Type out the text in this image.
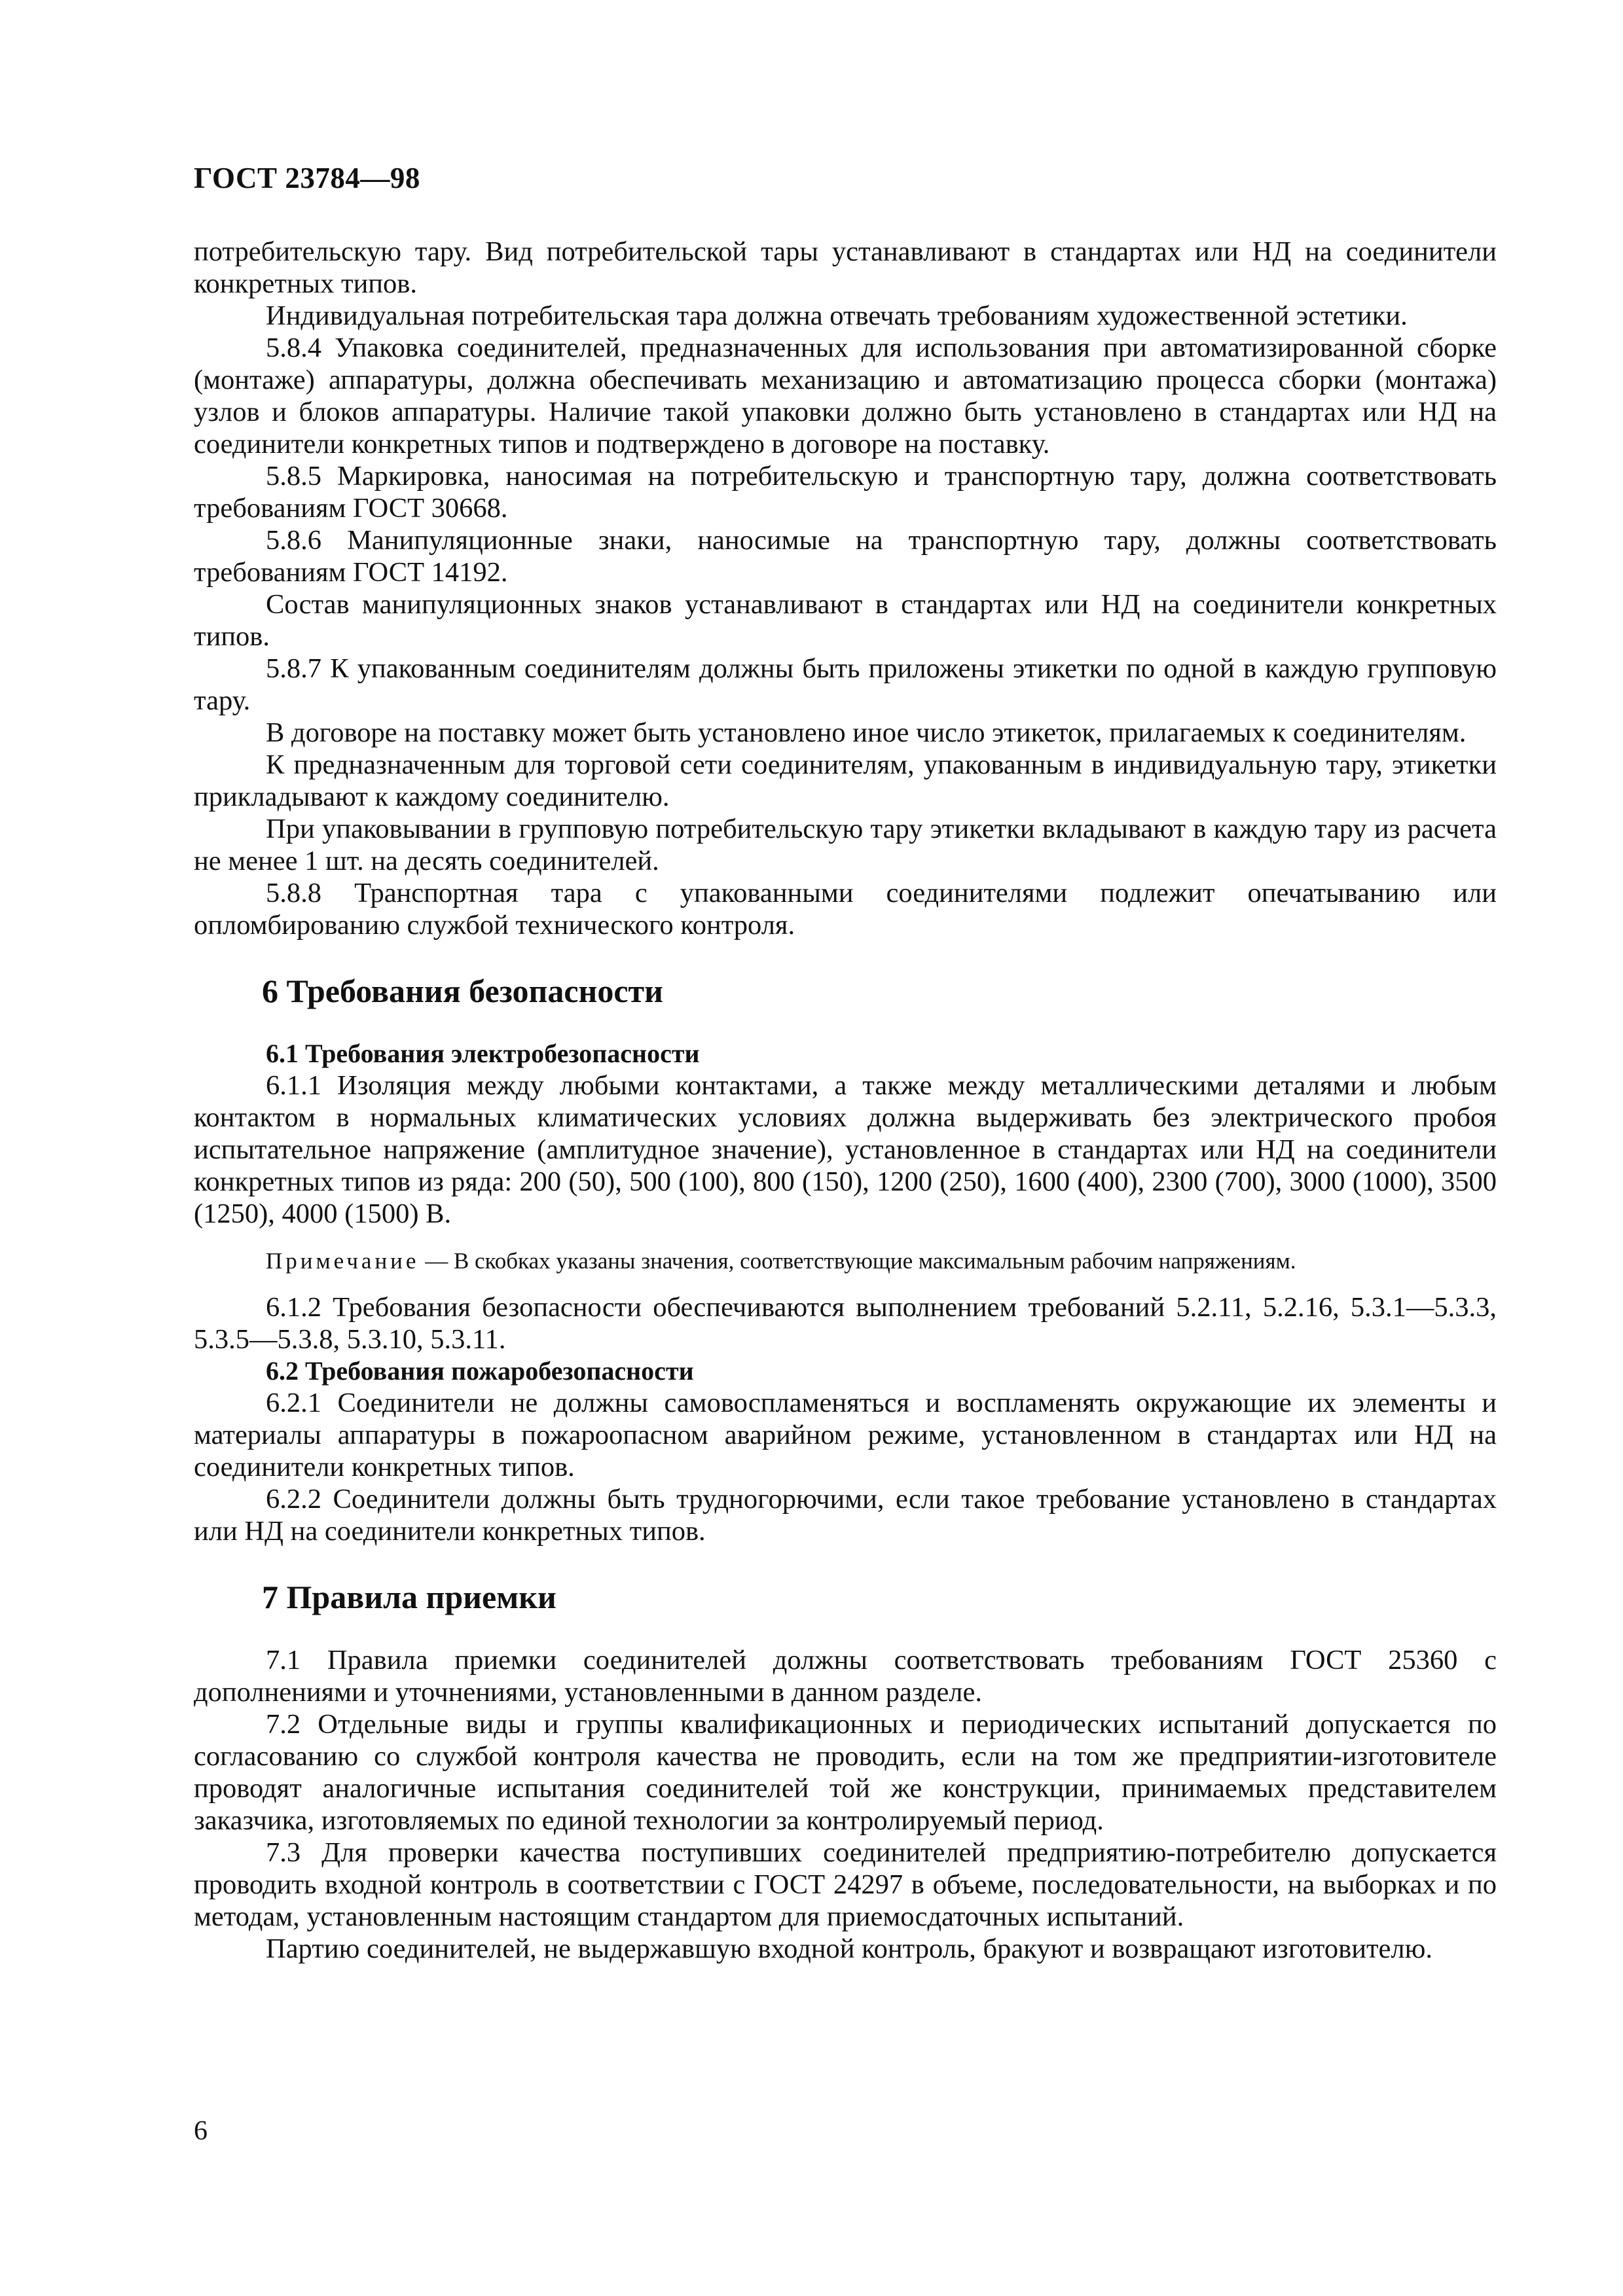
ГОСТ 23784—98

потребительскую тару. Вид потребительской тары устанавливают в стандартах или НД на соединители конкретных типов.

Индивидуальная потребительская тара должна отвечать требованиям художественной эстетики.

5.8.4 Упаковка соединителей, предназначенных для использования при автоматизированной сборке (монтаже) аппаратуры, должна обеспечивать механизацию и автоматизацию процесса сборки (монтажа) узлов и блоков аппаратуры. Наличие такой упаковки должно быть установлено в стандартах или НД на соединители конкретных типов и подтверждено в договоре на поставку.

5.8.5 Маркировка, наносимая на потребительскую и транспортную тару, должна соответствовать требованиям ГОСТ 30668.

5.8.6 Манипуляционные знаки, наносимые на транспортную тару, должны соответствовать требованиям ГОСТ 14192.

Состав манипуляционных знаков устанавливают в стандартах или НД на соединители конкретных типов.

5.8.7 К упакованным соединителям должны быть приложены этикетки по одной в каждую групповую тару.

В договоре на поставку может быть установлено иное число этикеток, прилагаемых к соединителям.

К предназначенным для торговой сети соединителям, упакованным в индивидуальную тару, этикетки прикладывают к каждому соединителю.

При упаковывании в групповую потребительскую тару этикетки вкладывают в каждую тару из расчета не менее 1 шт. на десять соединителей.

5.8.8 Транспортная тара с упакованными соединителями подлежит опечатыванию или опломбированию службой технического контроля.

6 Требования безопасности
6.1 Требования электробезопасности

6.1.1 Изоляция между любыми контактами, а также между металлическими деталями и любым контактом в нормальных климатических условиях должна выдерживать без электрического пробоя испытательное напряжение (амплитудное значение), установленное в стандартах или НД на соединители конкретных типов из ряда: 200 (50), 500 (100), 800 (150), 1200 (250), 1600 (400), 2300 (700), 3000 (1000), 3500 (1250), 4000 (1500) В.

Примечание — В скобках указаны значения, соответствующие максимальным рабочим напряжениям.

6.1.2 Требования безопасности обеспечиваются выполнением требований 5.2.11, 5.2.16, 5.3.1—5.3.3, 5.3.5—5.3.8, 5.3.10, 5.3.11.

6.2 Требования пожаробезопасности

6.2.1 Соединители не должны самовоспламеняться и воспламенять окружающие их элементы и материалы аппаратуры в пожароопасном аварийном режиме, установленном в стандартах или НД на соединители конкретных типов.

6.2.2 Соединители должны быть трудногорючими, если такое требование установлено в стандартах или НД на соединители конкретных типов.

7 Правила приемки

7.1 Правила приемки соединителей должны соответствовать требованиям ГОСТ 25360 с дополнениями и уточнениями, установленными в данном разделе.

7.2 Отдельные виды и группы квалификационных и периодических испытаний допускается по согласованию со службой контроля качества не проводить, если на том же предприятии-изготовителе проводят аналогичные испытания соединителей той же конструкции, принимаемых представителем заказчика, изготовляемых по единой технологии за контролируемый период.

7.3 Для проверки качества поступивших соединителей предприятию-потребителю допускается проводить входной контроль в соответствии с ГОСТ 24297 в объеме, последовательности, на выборках и по методам, установленным настоящим стандартом для приемосдаточных испытаний.

Партию соединителей, не выдержавшую входной контроль, бракуют и возвращают изготовителю.

6
